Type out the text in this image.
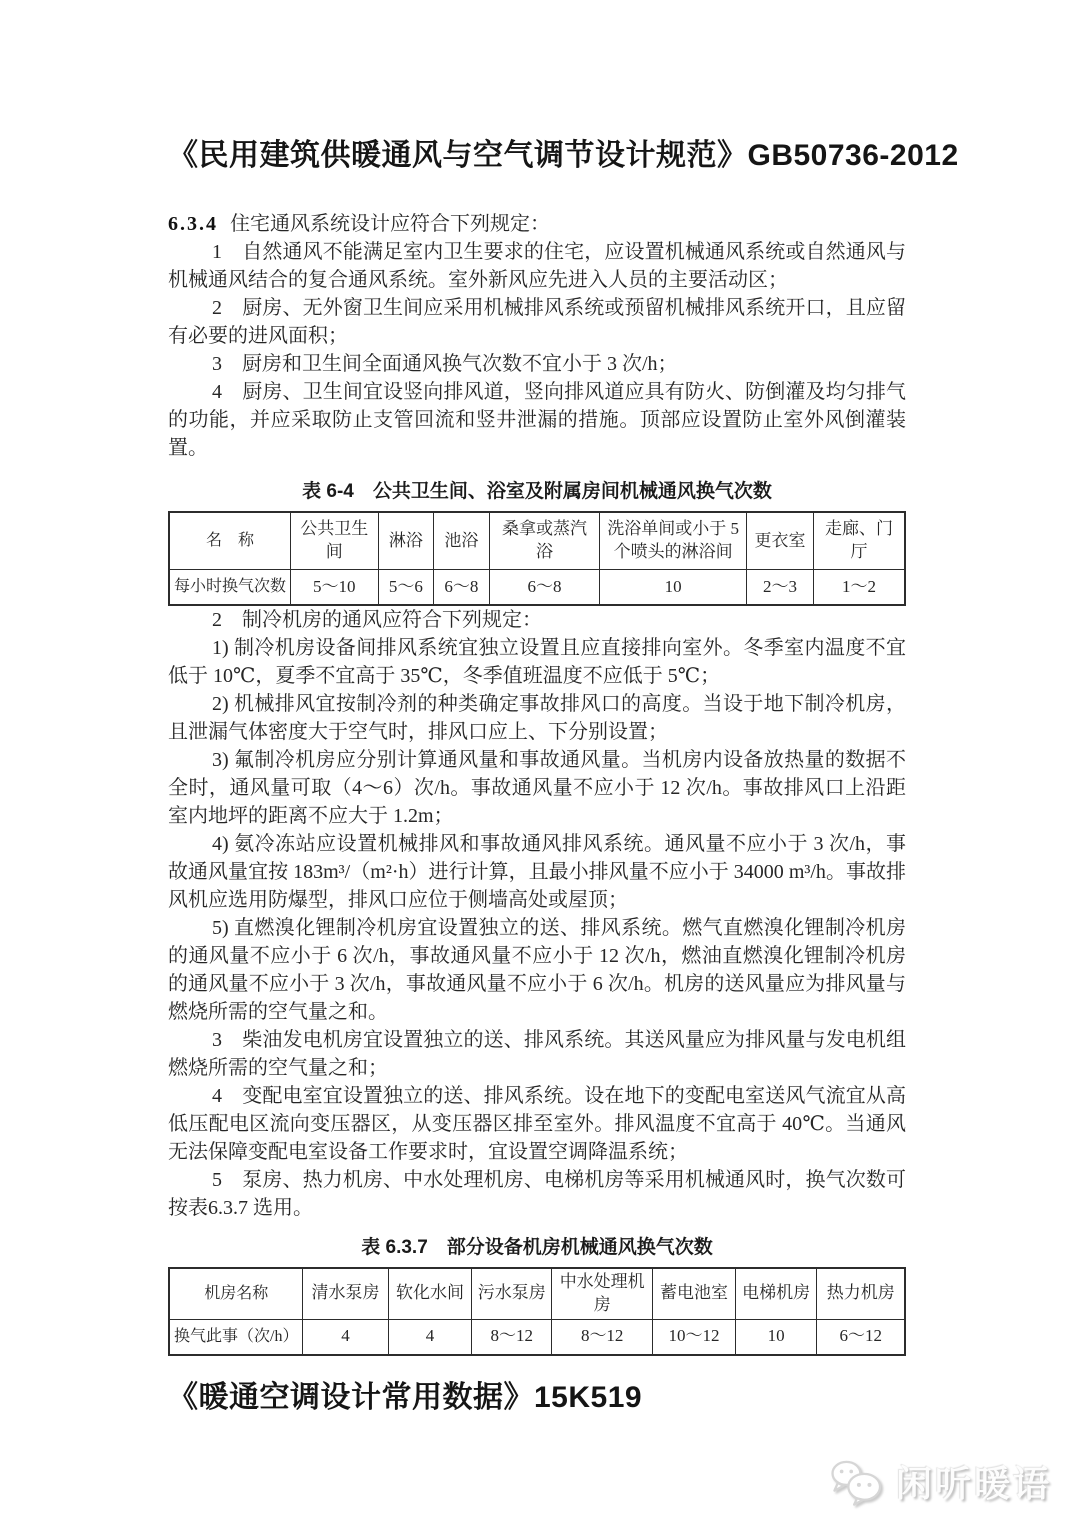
《民用建筑供暖通风与空气调节设计规范》GB50736-2012
6.3.4 住宅通风系统设计应符合下列规定：

1　自然通风不能满足室内卫生要求的住宅，应设置机械通风系统或自然通风与机械通风结合的复合通风系统。室外新风应先进入人员的主要活动区；

2　厨房、无外窗卫生间应采用机械排风系统或预留机械排风系统开口，且应留有必要的进风面积；

3　厨房和卫生间全面通风换气次数不宜小于 3 次/h；

4　厨房、卫生间宜设竖向排风道，竖向排风道应具有防火、防倒灌及均匀排气的功能，并应采取防止支管回流和竖井泄漏的措施。顶部应设置防止室外风倒灌装置。

表 6-4　公共卫生间、浴室及附属房间机械通风换气次数
名　称	公共卫生间	淋浴	池浴	桑拿或蒸汽浴	洗浴单间或小于 5 个喷头的淋浴间	更衣室	走廊、门厅
每小时换气次数	5～10	5～6	6～8	6～8	10	2～3	1～2

2　制冷机房的通风应符合下列规定：

1) 制冷机房设备间排风系统宜独立设置且应直接排向室外。冬季室内温度不宜低于 10℃，夏季不宜高于 35℃，冬季值班温度不应低于 5℃；

2) 机械排风宜按制冷剂的种类确定事故排风口的高度。当设于地下制冷机房，且泄漏气体密度大于空气时，排风口应上、下分别设置；

3) 氟制冷机房应分别计算通风量和事故通风量。当机房内设备放热量的数据不全时，通风量可取（4～6）次/h。事故通风量不应小于 12 次/h。事故排风口上沿距室内地坪的距离不应大于 1.2m；

4) 氨冷冻站应设置机械排风和事故通风排风系统。通风量不应小于 3 次/h，事故通风量宜按 183m³/（m²·h）进行计算，且最小排风量不应小于 34000 m³/h。事故排风机应选用防爆型，排风口应位于侧墙高处或屋顶；

5) 直燃溴化锂制冷机房宜设置独立的送、排风系统。燃气直燃溴化锂制冷机房的通风量不应小于 6 次/h，事故通风量不应小于 12 次/h，燃油直燃溴化锂制冷机房的通风量不应小于 3 次/h，事故通风量不应小于 6 次/h。机房的送风量应为排风量与燃烧所需的空气量之和。

3　柴油发电机房宜设置独立的送、排风系统。其送风量应为排风量与发电机组燃烧所需的空气量之和；

4　变配电室宜设置独立的送、排风系统。设在地下的变配电室送风气流宜从高低压配电区流向变压器区，从变压器区排至室外。排风温度不宜高于 40℃。当通风无法保障变配电室设备工作要求时，宜设置空调降温系统；

5　泵房、热力机房、中水处理机房、电梯机房等采用机械通风时，换气次数可按表6.3.7 选用。

表 6.3.7　部分设备机房机械通风换气次数
机房名称	清水泵房	软化水间	污水泵房	中水处理机房	蓄电池室	电梯机房	热力机房
换气此事（次/h）	4	4	8～12	8～12	10～12	10	6～12
《暖通空调设计常用数据》15K519
闲听暖语
